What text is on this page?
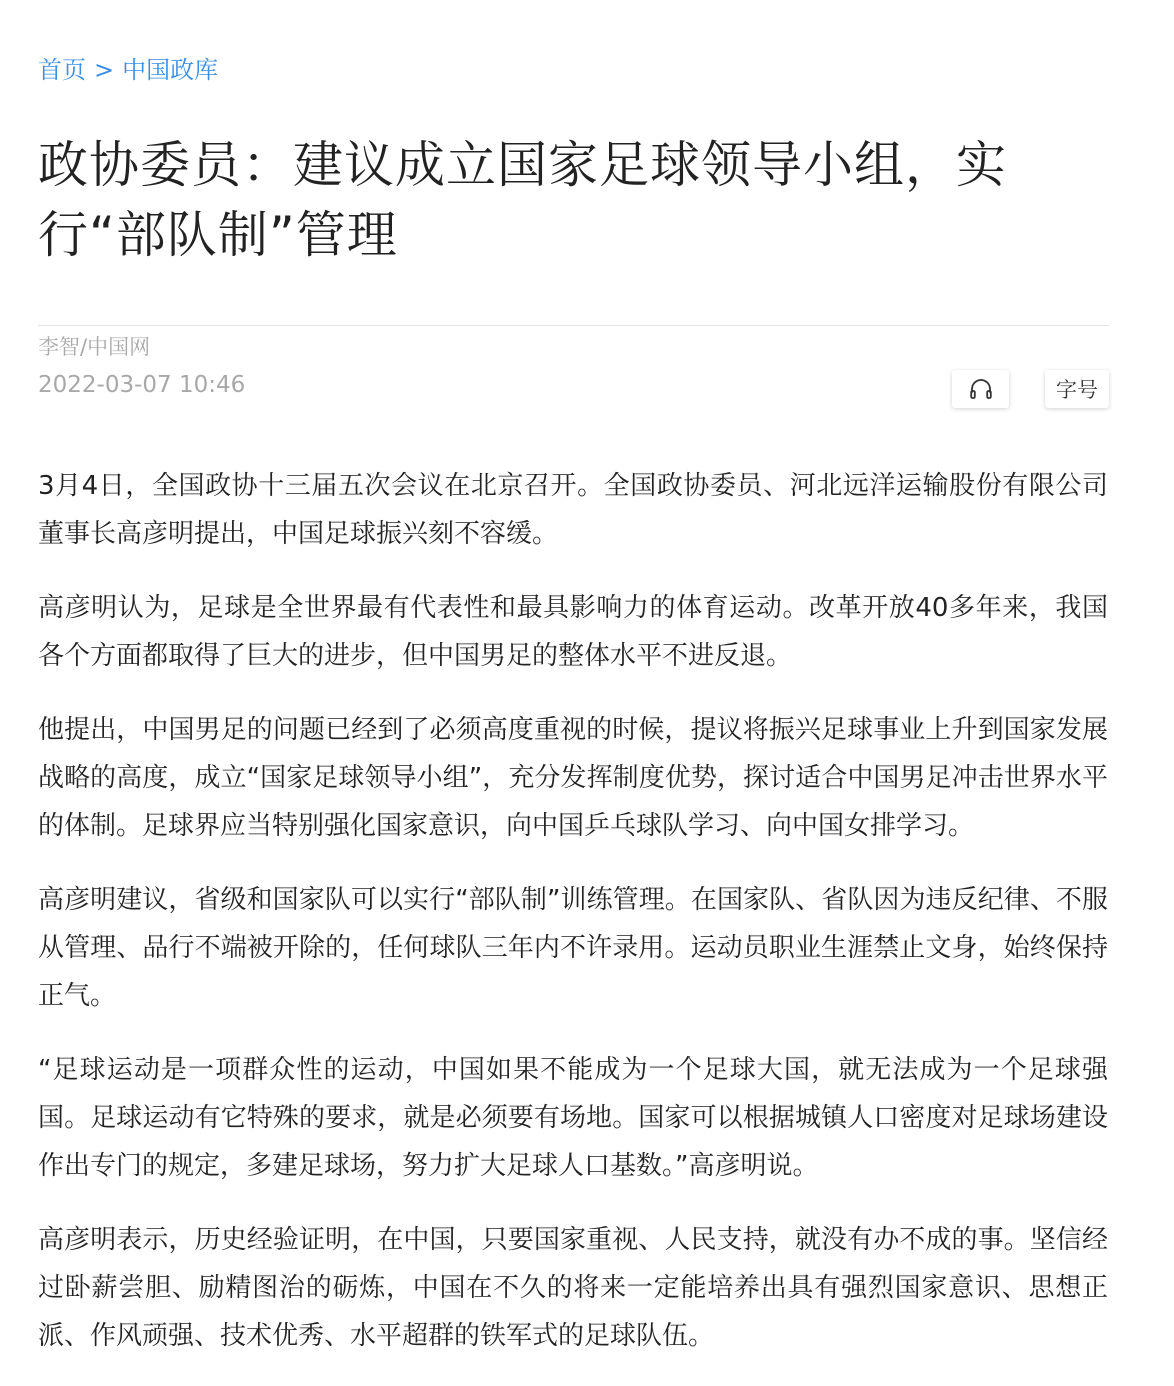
首页 > 中国政库
政协委员：建议成立国家足球领导小组，实行“部队制”管理
李智/中国网
2022-03-07 10:46	字号

3月4日，全国政协十三届五次会议在北京召开。全国政协委员、河北远洋运输股份有限公司董事长高彦明提出，中国足球振兴刻不容缓。

高彦明认为，足球是全世界最有代表性和最具影响力的体育运动。改革开放40多年来，我国各个方面都取得了巨大的进步，但中国男足的整体水平不进反退。

他提出，中国男足的问题已经到了必须高度重视的时候，提议将振兴足球事业上升到国家发展战略的高度，成立“国家足球领导小组”，充分发挥制度优势，探讨适合中国男足冲击世界水平的体制。足球界应当特别强化国家意识，向中国乒乓球队学习、向中国女排学习。

高彦明建议，省级和国家队可以实行“部队制”训练管理。在国家队、省队因为违反纪律、不服从管理、品行不端被开除的，任何球队三年内不许录用。运动员职业生涯禁止文身，始终保持正气。

“足球运动是一项群众性的运动，中国如果不能成为一个足球大国，就无法成为一个足球强国。足球运动有它特殊的要求，就是必须要有场地。国家可以根据城镇人口密度对足球场建设作出专门的规定，多建足球场，努力扩大足球人口基数。”高彦明说。

高彦明表示，历史经验证明，在中国，只要国家重视、人民支持，就没有办不成的事。坚信经过卧薪尝胆、励精图治的砺炼，中国在不久的将来一定能培养出具有强烈国家意识、思想正派、作风顽强、技术优秀、水平超群的铁军式的足球队伍。
